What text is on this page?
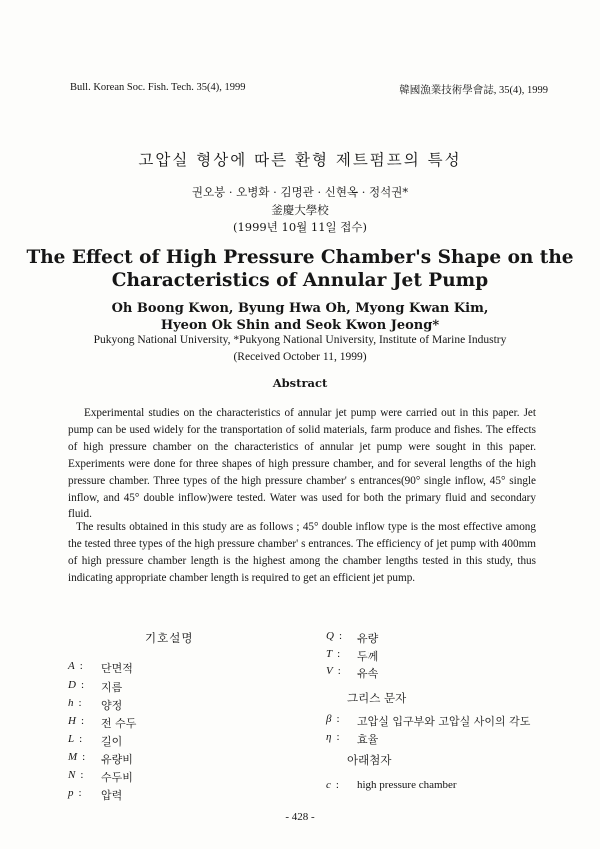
Bull. Korean Soc. Fish. Tech. 35(4), 1999	韓國漁業技術學會誌, 35(4), 1999
고압실 형상에 따른 환형 제트펌프의 특성
권오붕 · 오병화 · 김명관 · 신현옥 · 정석권*
釜慶大學校
(1999년 10월 11일 접수)
The Effect of High Pressure Chamber's Shape on the
Characteristics of Annular Jet Pump
Oh Boong Kwon, Byung Hwa Oh, Myong Kwan Kim,
Hyeon Ok Shin and Seok Kwon Jeong*
Pukyong National University, *Pukyong National University, Institute of Marine Industry
(Received October 11, 1999)
Abstract
Experimental studies on the characteristics of annular jet pump were carried out in this paper. Jet pump can be used widely for the transportation of solid materials, farm produce and fishes. The effects of high pressure chamber on the characteristics of annular jet pump were sought in this paper. Experiments were done for three shapes of high pressure chamber, and for several lengths of the high pressure chamber. Three types of the high pressure chamber' s entrances(90° single inflow, 45° single inflow, and 45° double inflow)were tested. Water was used for both the primary fluid and secondary fluid.
The results obtained in this study are as follows ; 45° double inflow type is the most effective among the tested three types of the high pressure chamber' s entrances. The efficiency of jet pump with 400mm of high pressure chamber length is the highest among the chamber lengths tested in this study, thus indicating appropriate chamber length is required to get an efficient jet pump.
기호설명
A : 단면적
D : 지름
h : 양정
H : 전 수두
L : 길이
M : 유량비
N : 수두비
p : 압력
Q : 유량
T : 두께
V : 유속
그리스 문자
β : 고압실 입구부와 고압실 사이의 각도
η : 효율
아래첨자
c : high pressure chamber
- 428 -
